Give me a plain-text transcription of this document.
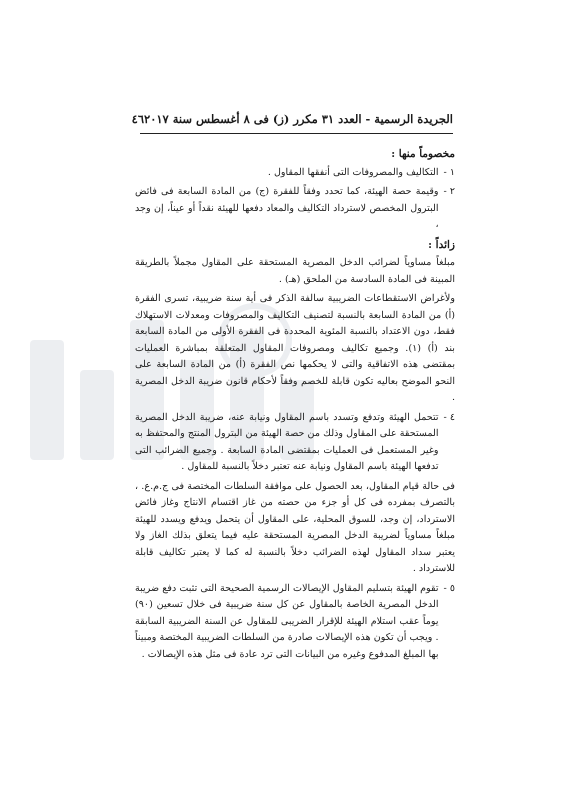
الجريدة الرسمية - العدد ٣١ مكرر (ز) فى ٨ أغسطس سنة ٢٠١٧
٤٦
مخصوماً منها :
١ -
التكاليف والمصروفات التى أنفقها المقاول .
٢ -
وقيمة حصة الهيئة، كما تحدد وفقاً للفقرة (ج) من المادة السابعة فى فائض البترول المخصص لاسترداد التكاليف والمعاد دفعها للهيئة نقداً أو عيناً، إن وجد ،
زائداً :
مبلغاً مساوياً لضرائب الدخل المصرية المستحقة على المقاول مجملاً بالطريقة المبينة فى المادة السادسة من الملحق (هـ) .
ولأغراض الاستقطاعات الضريبية سالفة الذكر فى أية سنة ضريبية، تسرى الفقرة (أ) من المادة السابعة بالنسبة لتصنيف التكاليف والمصروفات ومعدلات الاستهلاك فقط، دون الاعتداد بالنسبة المئوية المحددة فى الفقرة الأولى من المادة السابعة بند (أ) (١). وجميع تكاليف ومصروفات المقاول المتعلقة بمباشرة العمليات بمقتضى هذه الاتفاقية والتى لا يحكمها نص الفقرة (أ) من المادة السابعة على النحو الموضح بعاليه تكون قابلة للخصم وفقاً لأحكام قانون ضريبة الدخل المصرية .
٤ -
تتحمل الهيئة وتدفع وتسدد باسم المقاول ونيابة عنه، ضريبة الدخل المصرية المستحقة على المقاول وذلك من حصة الهيئة من البترول المنتج والمحتفظ به وغير المستعمل فى العمليات بمقتضى المادة السابعة . وجميع الضرائب التى تدفعها الهيئة باسم المقاول ونيابة عنه تعتبر دخلاً بالنسبة للمقاول .
فى حالة قيام المقاول، بعد الحصول على موافقة السلطات المختصة فى ج.م.ع. ، بالتصرف بمفرده فى كل أو جزء من حصته من غاز اقتسام الانتاج وغاز فائض الاسترداد، إن وجد، للسوق المحلية، على المقاول أن يتحمل ويدفع ويسدد للهيئة مبلغاً مساوياً لضريبة الدخل المصرية المستحقة عليه فيما يتعلق بذلك الغاز ولا يعتبر سداد المقاول لهذه الضرائب دخلاً بالنسبة له كما لا يعتبر تكاليف قابلة للاسترداد .
٥ -
تقوم الهيئة بتسليم المقاول الإيصالات الرسمية الصحيحة التى تثبت دفع ضريبة الدخل المصرية الخاصة بالمقاول عن كل سنة ضريبية فى خلال تسعين (٩٠) يوماً عقب استلام الهيئة للإقرار الضريبى للمقاول عن السنة الضريبية السابقة . ويجب أن تكون هذه الإيصالات صادرة من السلطات الضريبية المختصة ومبيناً بها المبلغ المدفوع وغيره من البيانات التى ترد عادة فى مثل هذه الإيصالات .
